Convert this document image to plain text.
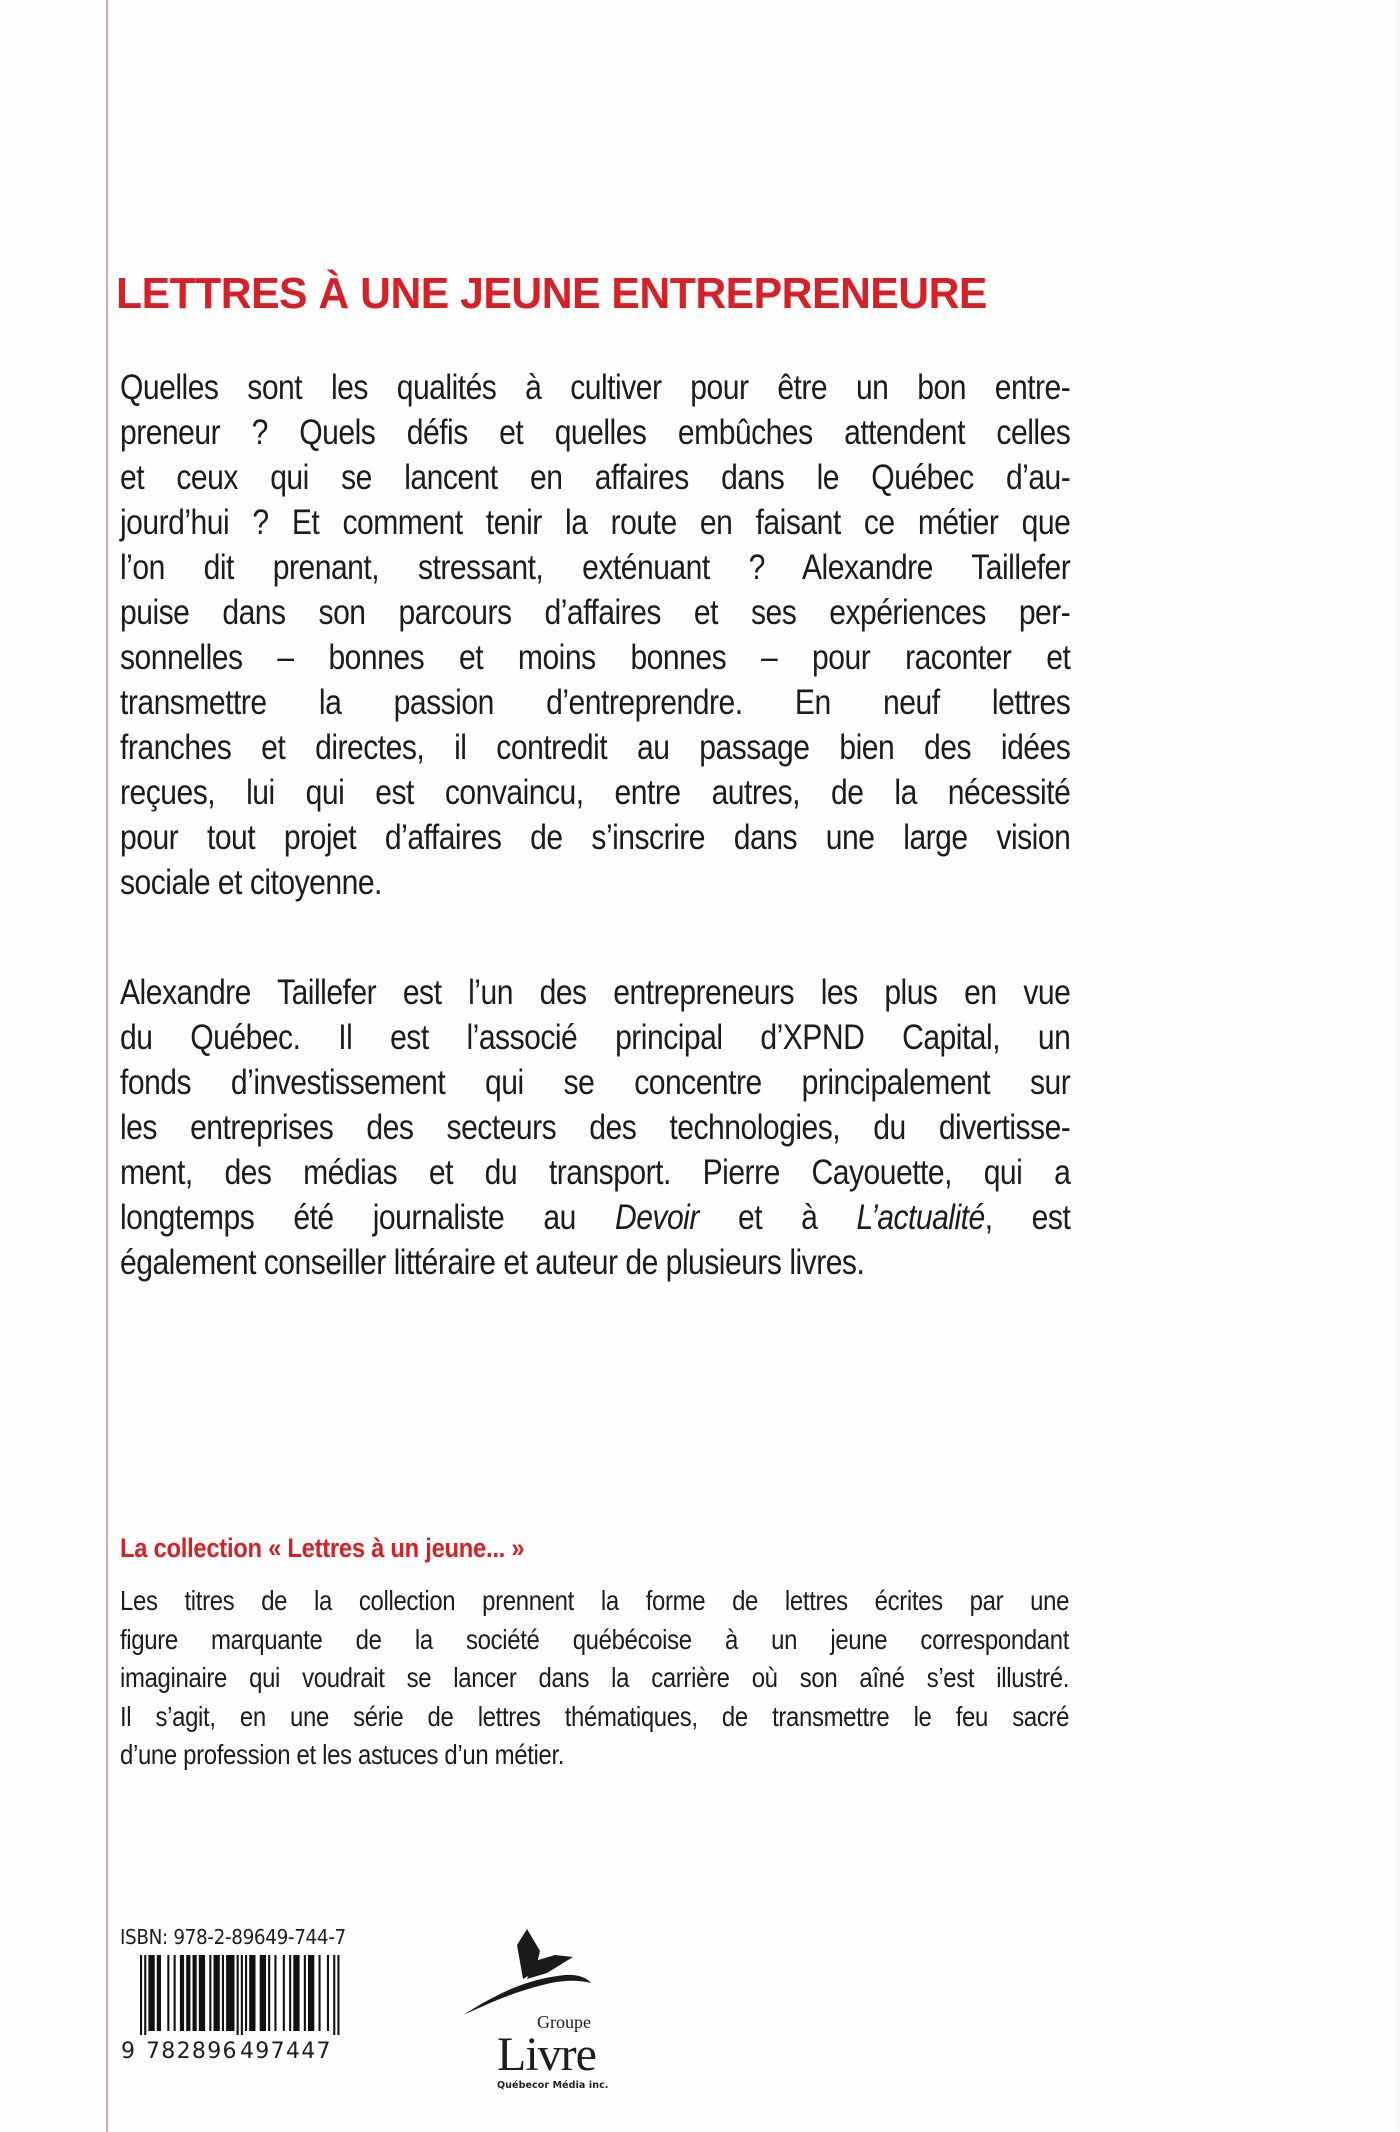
LETTRES À UNE JEUNE ENTREPRENEURE
Quelles sont les qualités à cultiver pour être un bon entre-
preneur ? Quels défis et quelles embûches attendent celles
et ceux qui se lancent en affaires dans le Québec d’au-
jourd’hui ? Et comment tenir la route en faisant ce métier que
l’on dit prenant, stressant, exténuant ? Alexandre Taillefer
puise dans son parcours d’affaires et ses expériences per-
sonnelles – bonnes et moins bonnes – pour raconter et
transmettre la passion d’entreprendre. En neuf lettres
franches et directes, il contredit au passage bien des idées
reçues, lui qui est convaincu, entre autres, de la nécessité
pour tout projet d’affaires de s’inscrire dans une large vision
sociale et citoyenne.
Alexandre Taillefer est l’un des entrepreneurs les plus en vue
du Québec. Il est l’associé principal d’XPND Capital, un
fonds d’investissement qui se concentre principalement sur
les entreprises des secteurs des technologies, du divertisse-
ment, des médias et du transport. Pierre Cayouette, qui a
longtemps été journaliste au Devoir et à L’actualité, est
également conseiller littéraire et auteur de plusieurs livres.
La collection « Lettres à un jeune... »
Les titres de la collection prennent la forme de lettres écrites par une
figure marquante de la société québécoise à un jeune correspondant
imaginaire qui voudrait se lancer dans la carrière où son aîné s’est illustré.
Il s’agit, en une série de lettres thématiques, de transmettre le feu sacré
d’une profession et les astuces d’un métier.
ISBN: 978-2-89649-744-7
9 782896 497447
Groupe
Livre
Québecor Média inc.
